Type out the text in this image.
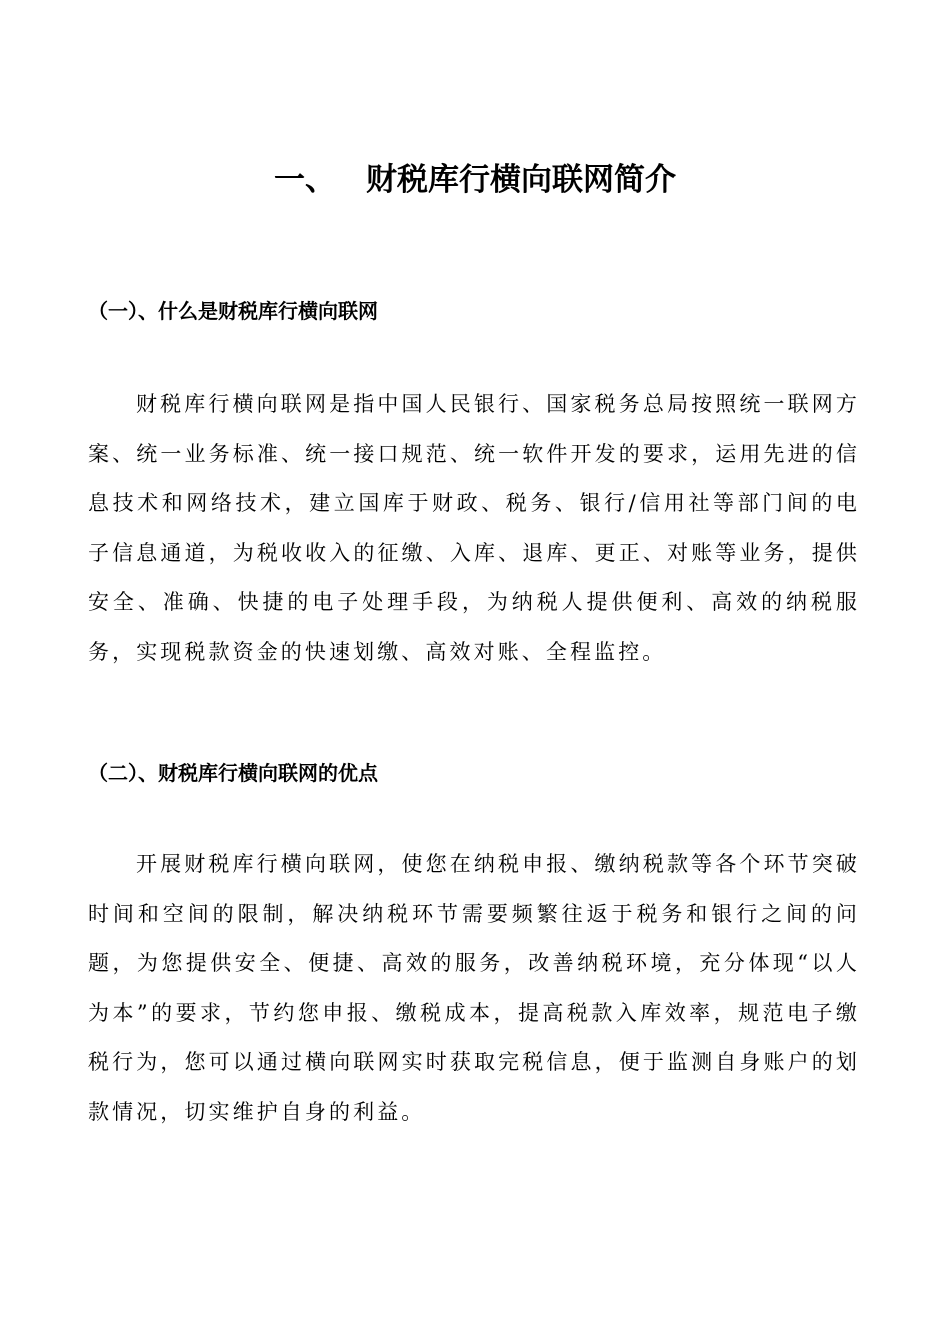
一、 财税库行横向联网简介
（一）、什么是财税库行横向联网

财税库行横向联网是指中国人民银行、国家税务总局按照统一联网方案、统一业务标准、统一接口规范、统一软件开发的要求，运用先进的信息技术和网络技术，建立国库于财政、税务、银行/信用社等部门间的电子信息通道，为税收收入的征缴、入库、退库、更正、对账等业务，提供安全、准确、快捷的电子处理手段，为纳税人提供便利、高效的纳税服务，实现税款资金的快速划缴、高效对账、全程监控。

（二）、财税库行横向联网的优点

开展财税库行横向联网，使您在纳税申报、缴纳税款等各个环节突破时间和空间的限制，解决纳税环节需要频繁往返于税务和银行之间的问题，为您提供安全、便捷、高效的服务，改善纳税环境，充分体现“以人为本”的要求，节约您申报、缴税成本，提高税款入库效率，规范电子缴税行为，您可以通过横向联网实时获取完税信息，便于监测自身账户的划款情况，切实维护自身的利益。
